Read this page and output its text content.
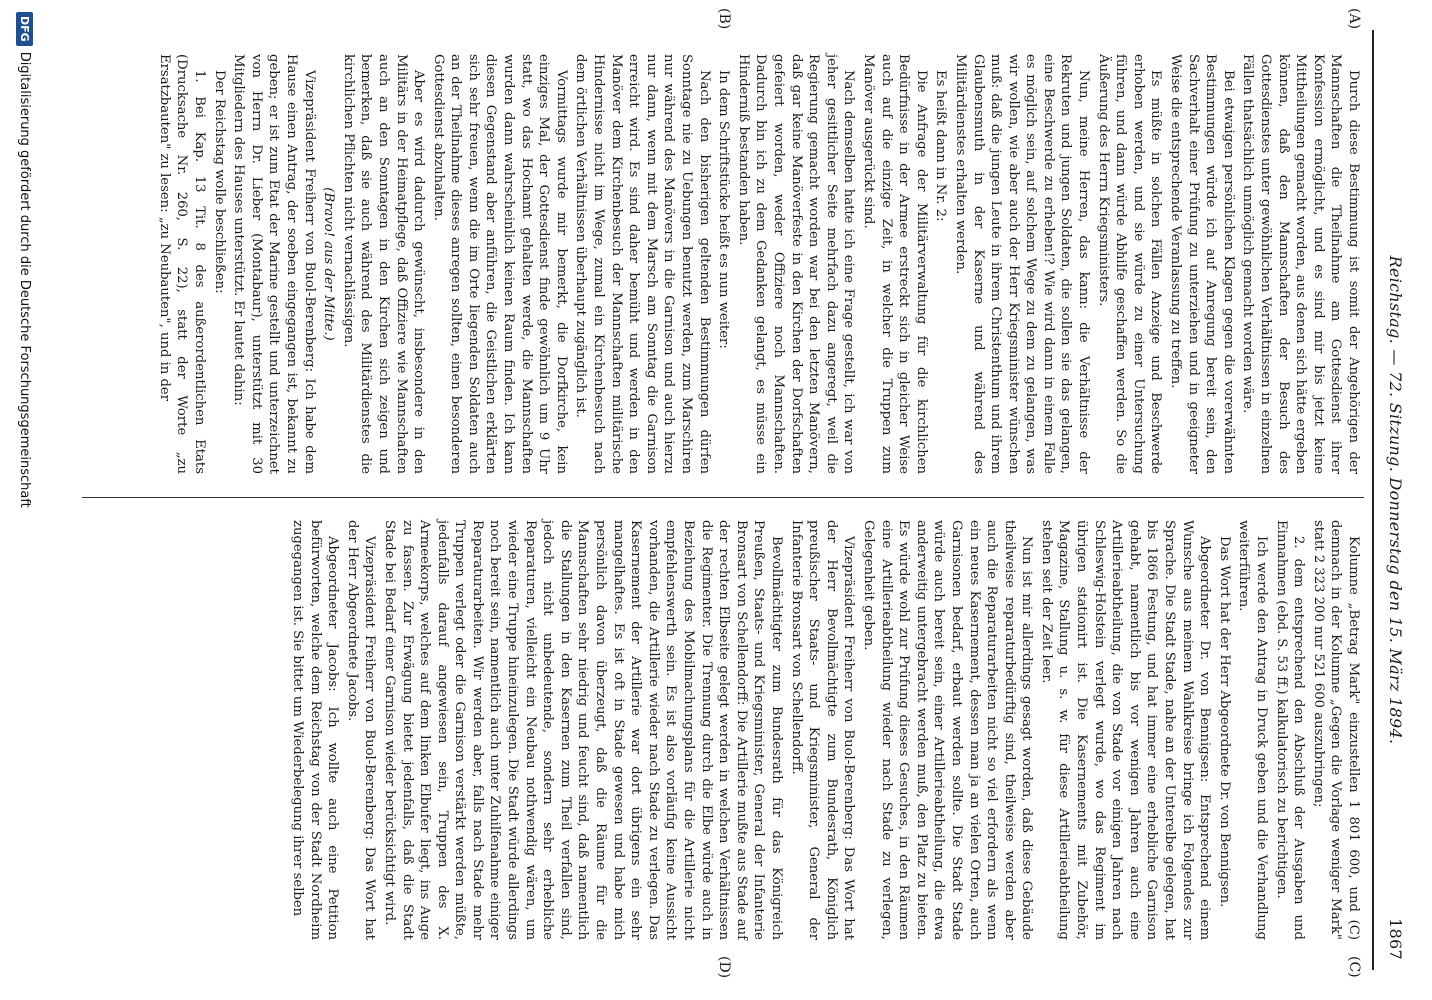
Reichstag. — 72. Sitzung. Donnerstag den 15. März 1894.
1867
(A)
(B)
(C)
(D)

Durch diese Bestimmung ist somit der Angehörigen der Mannschaften die Theilnahme am Gottesdienst ihrer Konfession ermöglicht, und es sind mir bis jetzt keine Mittheilungen gemacht worden, aus denen sich hätte ergeben können, daß den Mannschaften der Besuch des Gottesdienstes unter gewöhnlichen Verhältnissen in einzelnen Fällen thatsächlich unmöglich gemacht worden wäre.

Bei etwaigen persönlichen Klagen gegen die vorerwähnten Bestimmungen würde ich auf Anregung bereit sein, den Sachverhalt einer Prüfung zu unterziehen und in geeigneter Weise die entsprechende Veranlassung zu treffen.

Es müßte in solchen Fällen Anzeige und Beschwerde erhoben werden, und sie würde zu einer Untersuchung führen, und dann würde Abhilfe geschaffen werden. So die Äußerung des Herrn Kriegsministers.

Nun, meine Herren, das kann: die Verhältnisse der Rekruten und jungen Soldaten, die sollen sie das gelangen, eine Beschwerde zu erheben!? Wie wird dann in einem Falle es möglich sein, auf solchem Wege zu dem zu gelangen, was wir wollen, wie aber auch der Herr Kriegsminister wünschen muß: daß die jungen Leute in ihrem Christenthum und ihrem Glaubensmuth in der Kaserne und während des Militärdienstes erhalten werden.

Es heißt dann in Nr. 2:

Die Anfrage der Militärverwaltung für die kirchlichen Bedürfnisse in der Armee erstreckt sich in gleicher Weise auch auf die einzige Zeit, in welcher die Truppen zum Manöver ausgerückt sind.

Nach demselben hatte ich eine Frage gestellt, ich war von jeher gesittlicher Seite mehrfach dazu angeregt, weil die Regierung gemacht worden war bei den letzten Manövern, daß gar keine Manöverfeste in den Kirchen der Dorfschaften gefeiert worden, weder Offiziere noch Mannschaften. Dadurch bin ich zu dem Gedanken gelangt, es müsse ein Hinderniß bestanden haben.

In dem Schriftstücke heißt es nun weiter:

Nach den bisherigen geltenden Bestimmungen dürfen Sonntage nie zu Uebungen benutzt werden, zum Marschiren nur während des Manövers in die Garnison und auch hierzu nur dann, wenn mit dem Marsch am Sonntag die Garnison erreicht wird. Es sind daher bemüht und werden in den Manöver dem Kirchenbesuch der Mannschaften militärische Hindernisse nicht im Wege, zumal ein Kirchenbesuch nach dem örtlichen Verhältnissen überhaupt zugänglich ist.

Vormittags wurde mir bemerkt, die Dorfkirche, kein einziges Mal, der Gottesdienst finde gewöhnlich um 9 Uhr statt, wo das Hochamt gehalten werde, die Mannschaften wurden dann wahrscheinlich keinen Raum finden. Ich kann diesen Gegenstand aber anführen, die Geistlichen erklärten sich sehr freuen, wenn die im Orte liegenden Soldaten auch an der Theilnahme dieses anregen sollten, einen besonderen Gottesdienst abzuhalten.

Aber es wird dadurch gewünscht, insbesondere in den Militärs in der Heimatpflege, daß Offiziere wie Mannschaften auch an den Sonntagen in den Kirchen sich zeigen und bemerken, daß sie auch während des Militärdienstes die kirchlichen Pflichten nicht vernachlässigen.

(Bravo! aus der Mitte.)

Vizepräsident Freiherr von Buol-Berenberg: Ich habe dem Hause einen Antrag, der soeben eingegangen ist, bekannt zu geben; er ist zum Etat der Marine gestellt und unterzeichnet von Herrn Dr. Lieber (Montabaur), unterstützt mit 30 Mitgliedern des Hauses unterstützt. Er lautet dahin:

Der Reichstag wolle beschließen:

1. Bei Kap. 13 Tit. 8 des außerordentlichen Etats (Drucksache Nr. 260, S. 22), statt der Worte „zu Ersatzbauten" zu lesen: „zu Neubauten", und in der

Kolumne „Betrag Mark" einzustellen 1 801 600, und (C) demnach in der Kolumne „Gegen die Vorlage weniger Mark" statt 2 323 200 nur 521 600 auszubringen;

2. dem entsprechend den Abschluß der Ausgaben und Einnahmen (ebd. S. 53 ff.) kalkulatorisch zu berichtigen.

Ich werde den Antrag in Druck geben und die Verhandlung weiterführen.

Das Wort hat der Herr Abgeordnete Dr. von Bennigsen.

Abgeordneter Dr. von Bennigsen: Entsprechend einem Wunsche aus meinem Wahlkreise bringe ich Folgendes zur Sprache. Die Stadt Stade, nahe an der Unterelbe gelegen, hat bis 1866 Festung, und hat immer eine erhebliche Garnison gehabt, namentlich bis vor wenigen Jahren auch eine Artillerieabtheilung, die von Stade vor einigen Jahren nach Schleswig-Holstein verlegt wurde, wo das Regiment im übrigen stationirt ist. Die Kasernements mit Zubehör, Magazine, Stallung u. s. w. für diese Artillerieabtheilung stehen seit der Zeit leer.

Nun ist mir allerdings gesagt worden, daß diese Gebäude theilweise reparaturbedürftig sind, theilweise werden aber auch die Reparaturarbeiten nicht so viel erfordern als wenn ein neues Kasernement, dessen man ja an vielen Orten, auch Garnisonen bedarf, erbaut werden sollte. Die Stadt Stade würde auch bereit sein, einer Artillerieabtheilung, die etwa anderweitig untergebracht werden muß, den Platz zu bieten. Es würde wohl zur Prüfung dieses Gesuches, in den Räumen eine Artillerieabtheilung wieder nach Stade zu verlegen, Gelegenheit geben.

Vizepräsident Freiherr von Buol-Berenberg: Das Wort hat der Herr Bevollmächtigte zum Bundesrath, Königlich preußischer Staats- und Kriegsminister, General der Infanterie Bronsart von Schellendorff.

Bevollmächtigter zum Bundesrath für das Königreich Preußen, Staats- und Kriegsminister, General der Infanterie Bronsart von Schellendorff: Die Artillerie mußte aus Stade auf der rechten Elbseite gelegt werden in welchen Verhältnissen die Regimenter. Die Trennung durch die Elbe würde auch in Beziehung des Mobilmachungsplans für die Artillerie nicht empfehlenswerth sein. Es ist also vorläufig keine Aussicht vorhanden, die Artillerie wieder nach Stade zu verlegen. Das Kasernement der Artillerie war dort übrigens ein sehr mangelhaftes. Es ist oft in Stade gewesen und habe mich persönlich davon überzeugt, daß die Räume für die Mannschaften sehr niedrig und feucht sind, daß namentlich die Stallungen in den Kasernen zum Theil verfallen sind, jedoch nicht unbedeutende, sondern sehr erhebliche Reparaturen, vielleicht ein Neubau nothwendig wären, um wieder eine Truppe hineinzulegen. Die Stadt würde allerdings noch bereit sein, namentlich auch unter Zuhilfenahme einiger Reparaturarbeiten. Wir werden aber, falls nach Stade mehr Truppen verlegt oder die Garnison verstärkt werden müßte, jedenfalls darauf angewiesen sein, Truppen des X. Armeekorps, welches auf dem linken Elbufer liegt, ins Auge zu fassen. Zur Erwägung bietet jedenfalls, daß die Stadt Stade bei Bedarf einer Garnison wieder berücksichtigt wird.

Vizepräsident Freiherr von Buol-Berenberg: Das Wort hat der Herr Abgeordnete Jacobs.

Abgeordneter Jacobs: Ich wollte auch eine Petition befürworten, welche dem Reichstag von der Stadt Nordheim zugegangen ist. Sie bittet um Wiederbelegung ihrer selben

DFG
Digitalisierung gefördert durch die Deutsche Forschungsgemeinschaft
